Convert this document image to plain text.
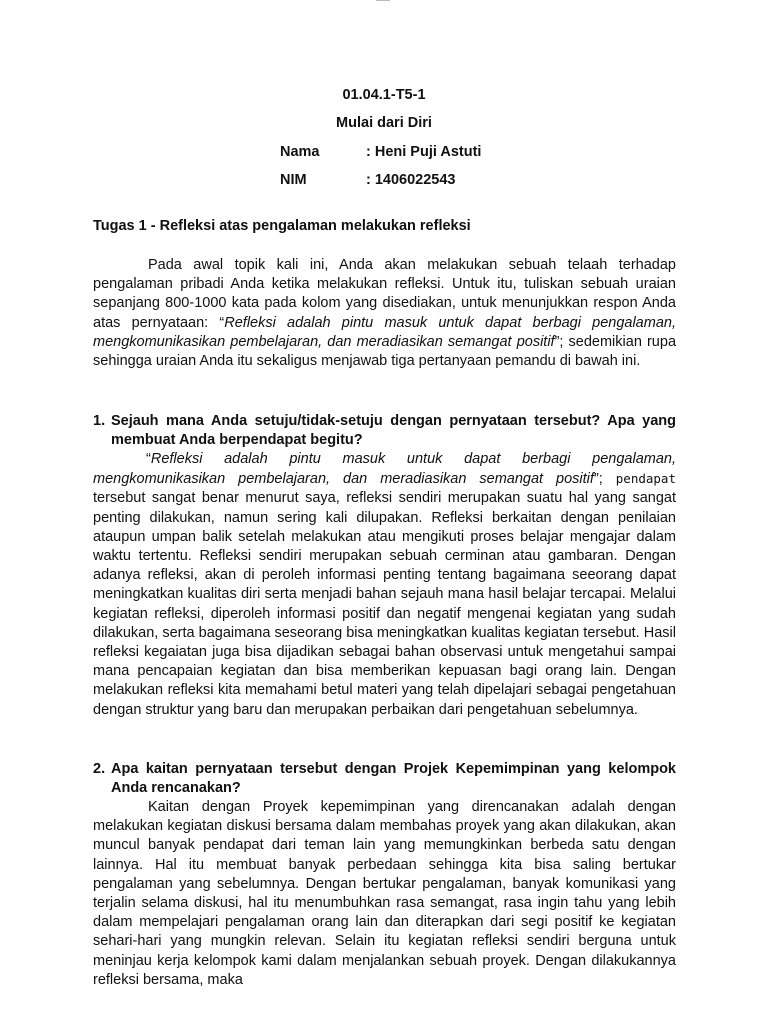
01.04.1-T5-1
Mulai dari Diri
Nama	: Heni Puji Astuti
NIM	: 1406022543
Tugas 1 - Refleksi atas pengalaman melakukan refleksi
Pada awal topik kali ini, Anda akan melakukan sebuah telaah terhadap pengalaman pribadi Anda ketika melakukan refleksi. Untuk itu, tuliskan sebuah uraian sepanjang 800-1000 kata pada kolom yang disediakan, untuk menunjukkan respon Anda atas pernyataan: “Refleksi adalah pintu masuk untuk dapat berbagi pengalaman, mengkomunikasikan pembelajaran, dan meradiasikan semangat positif”; sedemikian rupa sehingga uraian Anda itu sekaligus menjawab tiga pertanyaan pemandu di bawah ini.
1. Sejauh mana Anda setuju/tidak-setuju dengan pernyataan tersebut? Apa yang membuat Anda berpendapat begitu?
“Refleksi adalah pintu masuk untuk dapat berbagi pengalaman, mengkomunikasikan pembelajaran, dan meradiasikan semangat positif”; pendapat tersebut sangat benar menurut saya, refleksi sendiri merupakan suatu hal yang sangat penting dilakukan, namun sering kali dilupakan. Refleksi berkaitan dengan penilaian ataupun umpan balik setelah melakukan atau mengikuti proses belajar mengajar dalam waktu tertentu. Refleksi sendiri merupakan sebuah cerminan atau gambaran. Dengan adanya refleksi, akan di peroleh informasi penting tentang bagaimana seeorang dapat meningkatkan kualitas diri serta menjadi bahan sejauh mana hasil belajar tercapai. Melalui kegiatan refleksi, diperoleh informasi positif dan negatif mengenai kegiatan yang sudah dilakukan, serta bagaimana seseorang bisa meningkatkan kualitas kegiatan tersebut. Hasil refleksi kegaiatan juga bisa dijadikan sebagai bahan observasi untuk mengetahui sampai mana pencapaian kegiatan dan bisa memberikan kepuasan bagi orang lain. Dengan melakukan refleksi kita memahami betul materi yang telah dipelajari sebagai pengetahuan dengan struktur yang baru dan merupakan perbaikan dari pengetahuan sebelumnya.
2. Apa kaitan pernyataan tersebut dengan Projek Kepemimpinan yang kelompok Anda rencanakan?
Kaitan dengan Proyek kepemimpinan yang direncanakan adalah dengan melakukan kegiatan diskusi bersama dalam membahas proyek yang akan dilakukan, akan muncul banyak pendapat dari teman lain yang memungkinkan berbeda satu dengan lainnya. Hal itu membuat banyak perbedaan sehingga kita bisa saling bertukar pengalaman yang sebelumnya. Dengan bertukar pengalaman, banyak komunikasi yang terjalin selama diskusi, hal itu menumbuhkan rasa semangat, rasa ingin tahu yang lebih dalam mempelajari pengalaman orang lain dan diterapkan dari segi positif ke kegiatan sehari-hari yang mungkin relevan. Selain itu kegiatan refleksi sendiri berguna untuk meninjau kerja kelompok kami dalam menjalankan sebuah proyek. Dengan dilakukannya refleksi bersama, maka
